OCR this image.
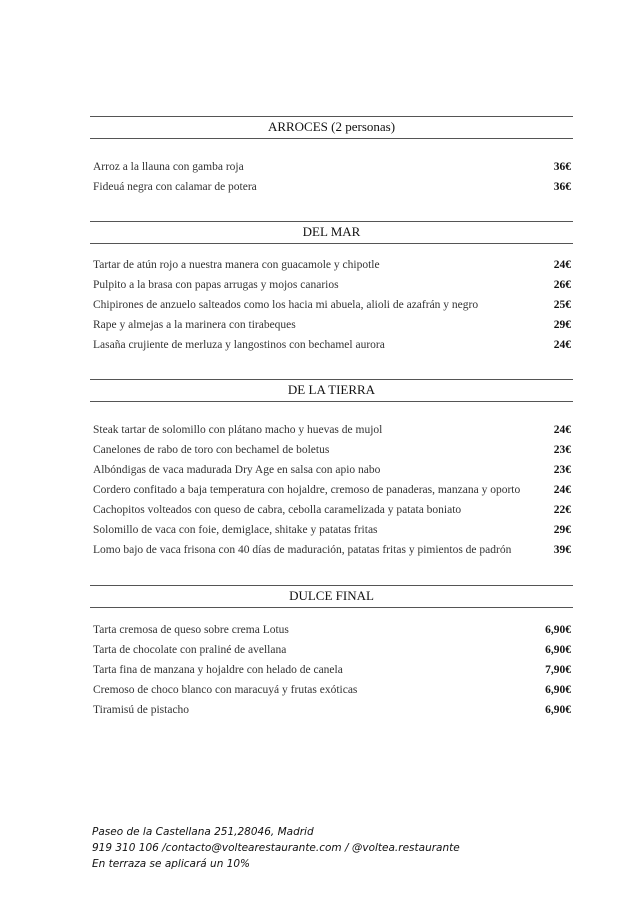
ARROCES (2 personas)
Arroz a la llauna con gamba roja	36€
Fideuá negra con calamar de potera	36€
DEL MAR
Tartar de atún rojo a nuestra manera con guacamole y chipotle	24€
Pulpito a la brasa con papas arrugas y mojos canarios	26€
Chipirones de anzuelo salteados como los hacia mi abuela, alioli de azafrán y negro	25€
Rape y almejas a la marinera con tirabeques	29€
Lasaña crujiente de merluza y langostinos con bechamel aurora	24€
DE LA TIERRA
Steak tartar de solomillo con plátano macho y huevas de mujol	24€
Canelones de rabo de toro con bechamel de boletus	23€
Albóndigas de vaca madurada Dry Age en salsa con apio nabo	23€
Cordero confitado a baja temperatura con hojaldre, cremoso de panaderas, manzana y oporto	24€
Cachopitos volteados con queso de cabra, cebolla caramelizada y patata boniato	22€
Solomillo de vaca con foie, demiglace, shitake y patatas fritas	29€
Lomo bajo de vaca frisona con 40 días de maduración, patatas fritas y pimientos de padrón	39€
DULCE FINAL
Tarta cremosa de queso sobre crema Lotus	6,90€
Tarta de chocolate con praliné de avellana	6,90€
Tarta fina de manzana y hojaldre con helado de canela	7,90€
Cremoso de choco blanco con maracuyá y frutas exóticas	6,90€
Tiramisú de pistacho	6,90€
Paseo de la Castellana 251,28046, Madrid
919 310 106 /contacto@voltearestaurante.com / @voltea.restaurante
En terraza se aplicará un 10%
